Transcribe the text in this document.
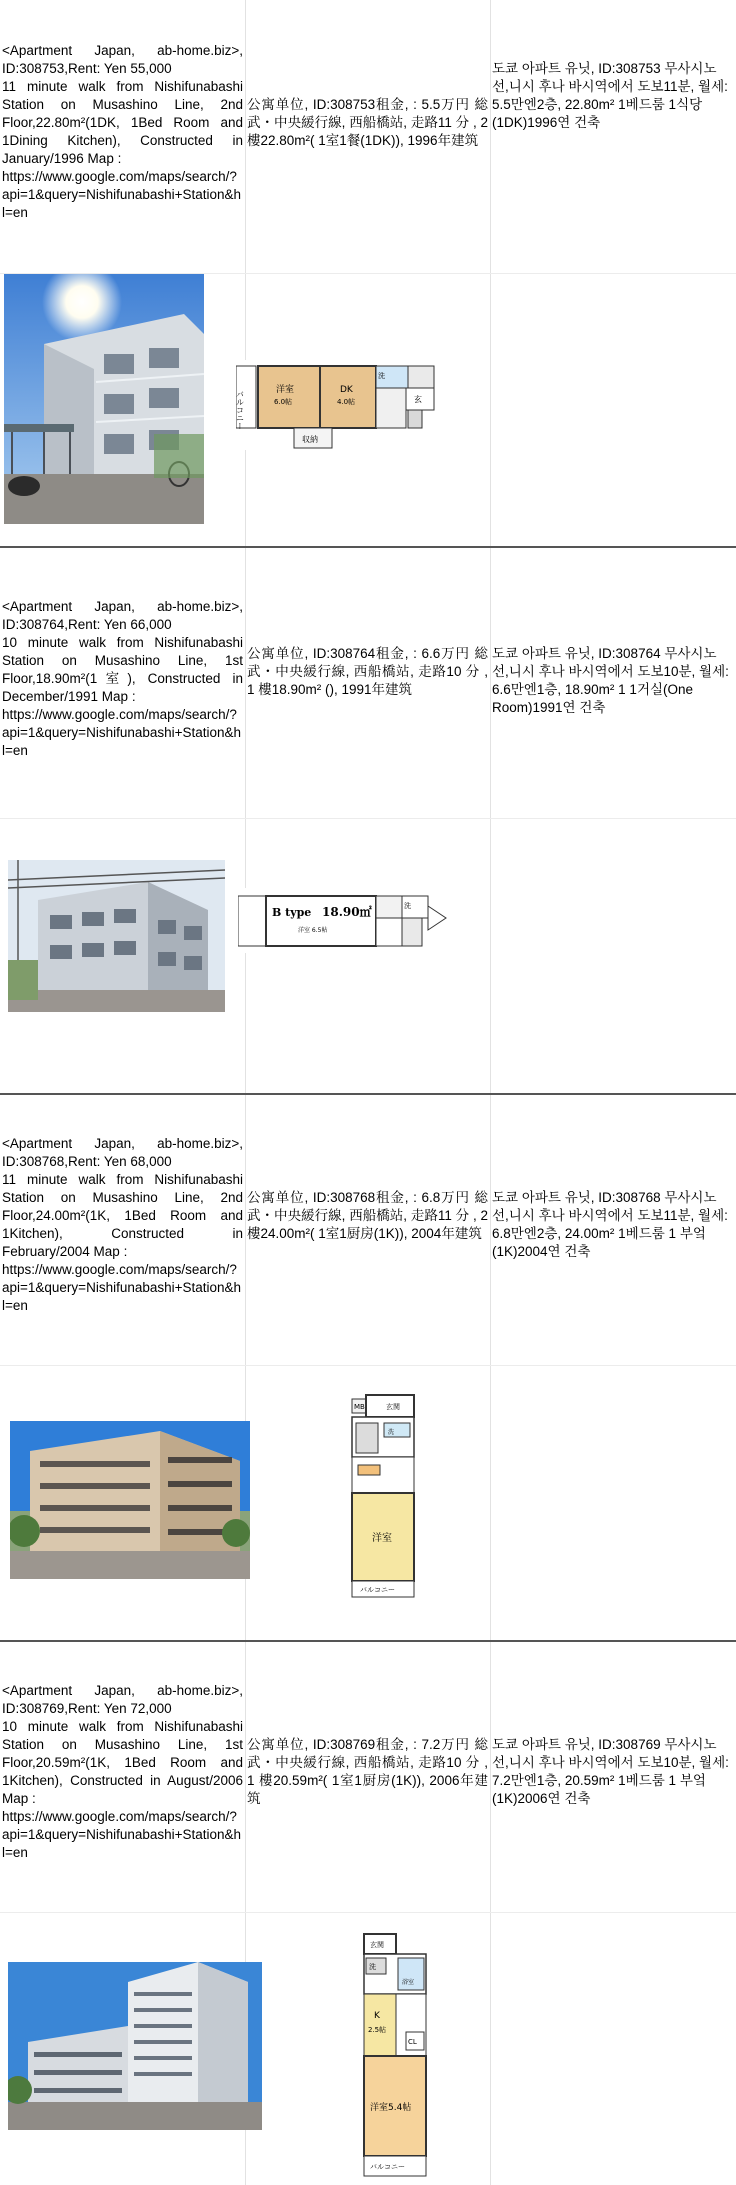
<Apartment Japan, ab-home.biz>, ID:308753,Rent: Yen 55,000
11 minute walk from Nishifunabashi Station on Musashino Line, 2nd Floor,22.80m²(1DK, 1Bed Room and 1Dining Kitchen), Constructed in January/1996 Map :
https://www.google.com/maps/search/?api=1&query=Nishifunabashi+Station&hl=en
公寓单位, ID:308753租金, : 5.5万円 総武・中央緩行線, 西船橋站, 走路11 分 , 2 樓22.80m²( 1室1餐(1DK)), 1996年建筑
도쿄 아파트 유닛, ID:308753 무사시노 선,니시 후나 바시역에서 도보11분, 월세: 5.5만엔2층, 22.80m² 1베드룸 1식당(1DK)1996연 건축
バルコニー	洋室
6.0帖
DK
4.0帖
収納
洗
玄
<Apartment Japan, ab-home.biz>, ID:308764,Rent: Yen 66,000
10 minute walk from Nishifunabashi Station on Musashino Line, 1st Floor,18.90m²(1室), Constructed in December/1991 Map :
https://www.google.com/maps/search/?api=1&query=Nishifunabashi+Station&hl=en
公寓单位, ID:308764租金, : 6.6万円 総武・中央緩行線, 西船橋站, 走路10 分 , 1 樓18.90m² (), 1991年建筑
도쿄 아파트 유닛, ID:308764 무사시노 선,니시 후나 바시역에서 도보10분, 월세: 6.6만엔1층, 18.90m² 1 1거실(One Room)1991연 건축
B type 18.90㎡
洋室 6.5帖
洗
<Apartment Japan, ab-home.biz>, ID:308768,Rent: Yen 68,000
11 minute walk from Nishifunabashi Station on Musashino Line, 2nd Floor,24.00m²(1K, 1Bed Room and 1Kitchen), Constructed in February/2004 Map :
https://www.google.com/maps/search/?api=1&query=Nishifunabashi+Station&hl=en
公寓单位, ID:308768租金, : 6.8万円 総武・中央緩行線, 西船橋站, 走路11 分 , 2 樓24.00m²( 1室1厨房(1K)), 2004年建筑
도쿄 아파트 유닛, ID:308768 무사시노 선,니시 후나 바시역에서 도보11분, 월세: 6.8만엔2층, 24.00m² 1베드룸 1 부엌(1K)2004연 건축
MB	玄関
洗
洋室
バルコニー
<Apartment Japan, ab-home.biz>, ID:308769,Rent: Yen 72,000
10 minute walk from Nishifunabashi Station on Musashino Line, 1st Floor,20.59m²(1K, 1Bed Room and 1Kitchen), Constructed in August/2006 Map :
https://www.google.com/maps/search/?api=1&query=Nishifunabashi+Station&hl=en
公寓单位, ID:308769租金, : 7.2万円 総武・中央緩行線, 西船橋站, 走路10 分 , 1 樓20.59m²( 1室1厨房(1K)), 2006年建筑
도쿄 아파트 유닛, ID:308769 무사시노 선,니시 후나 바시역에서 도보10분, 월세: 7.2만엔1층, 20.59m² 1베드룸 1 부엌(1K)2006연 건축
玄関
洗
浴室
K
2.5帖
CL
洋室5.4帖
バルコニー
